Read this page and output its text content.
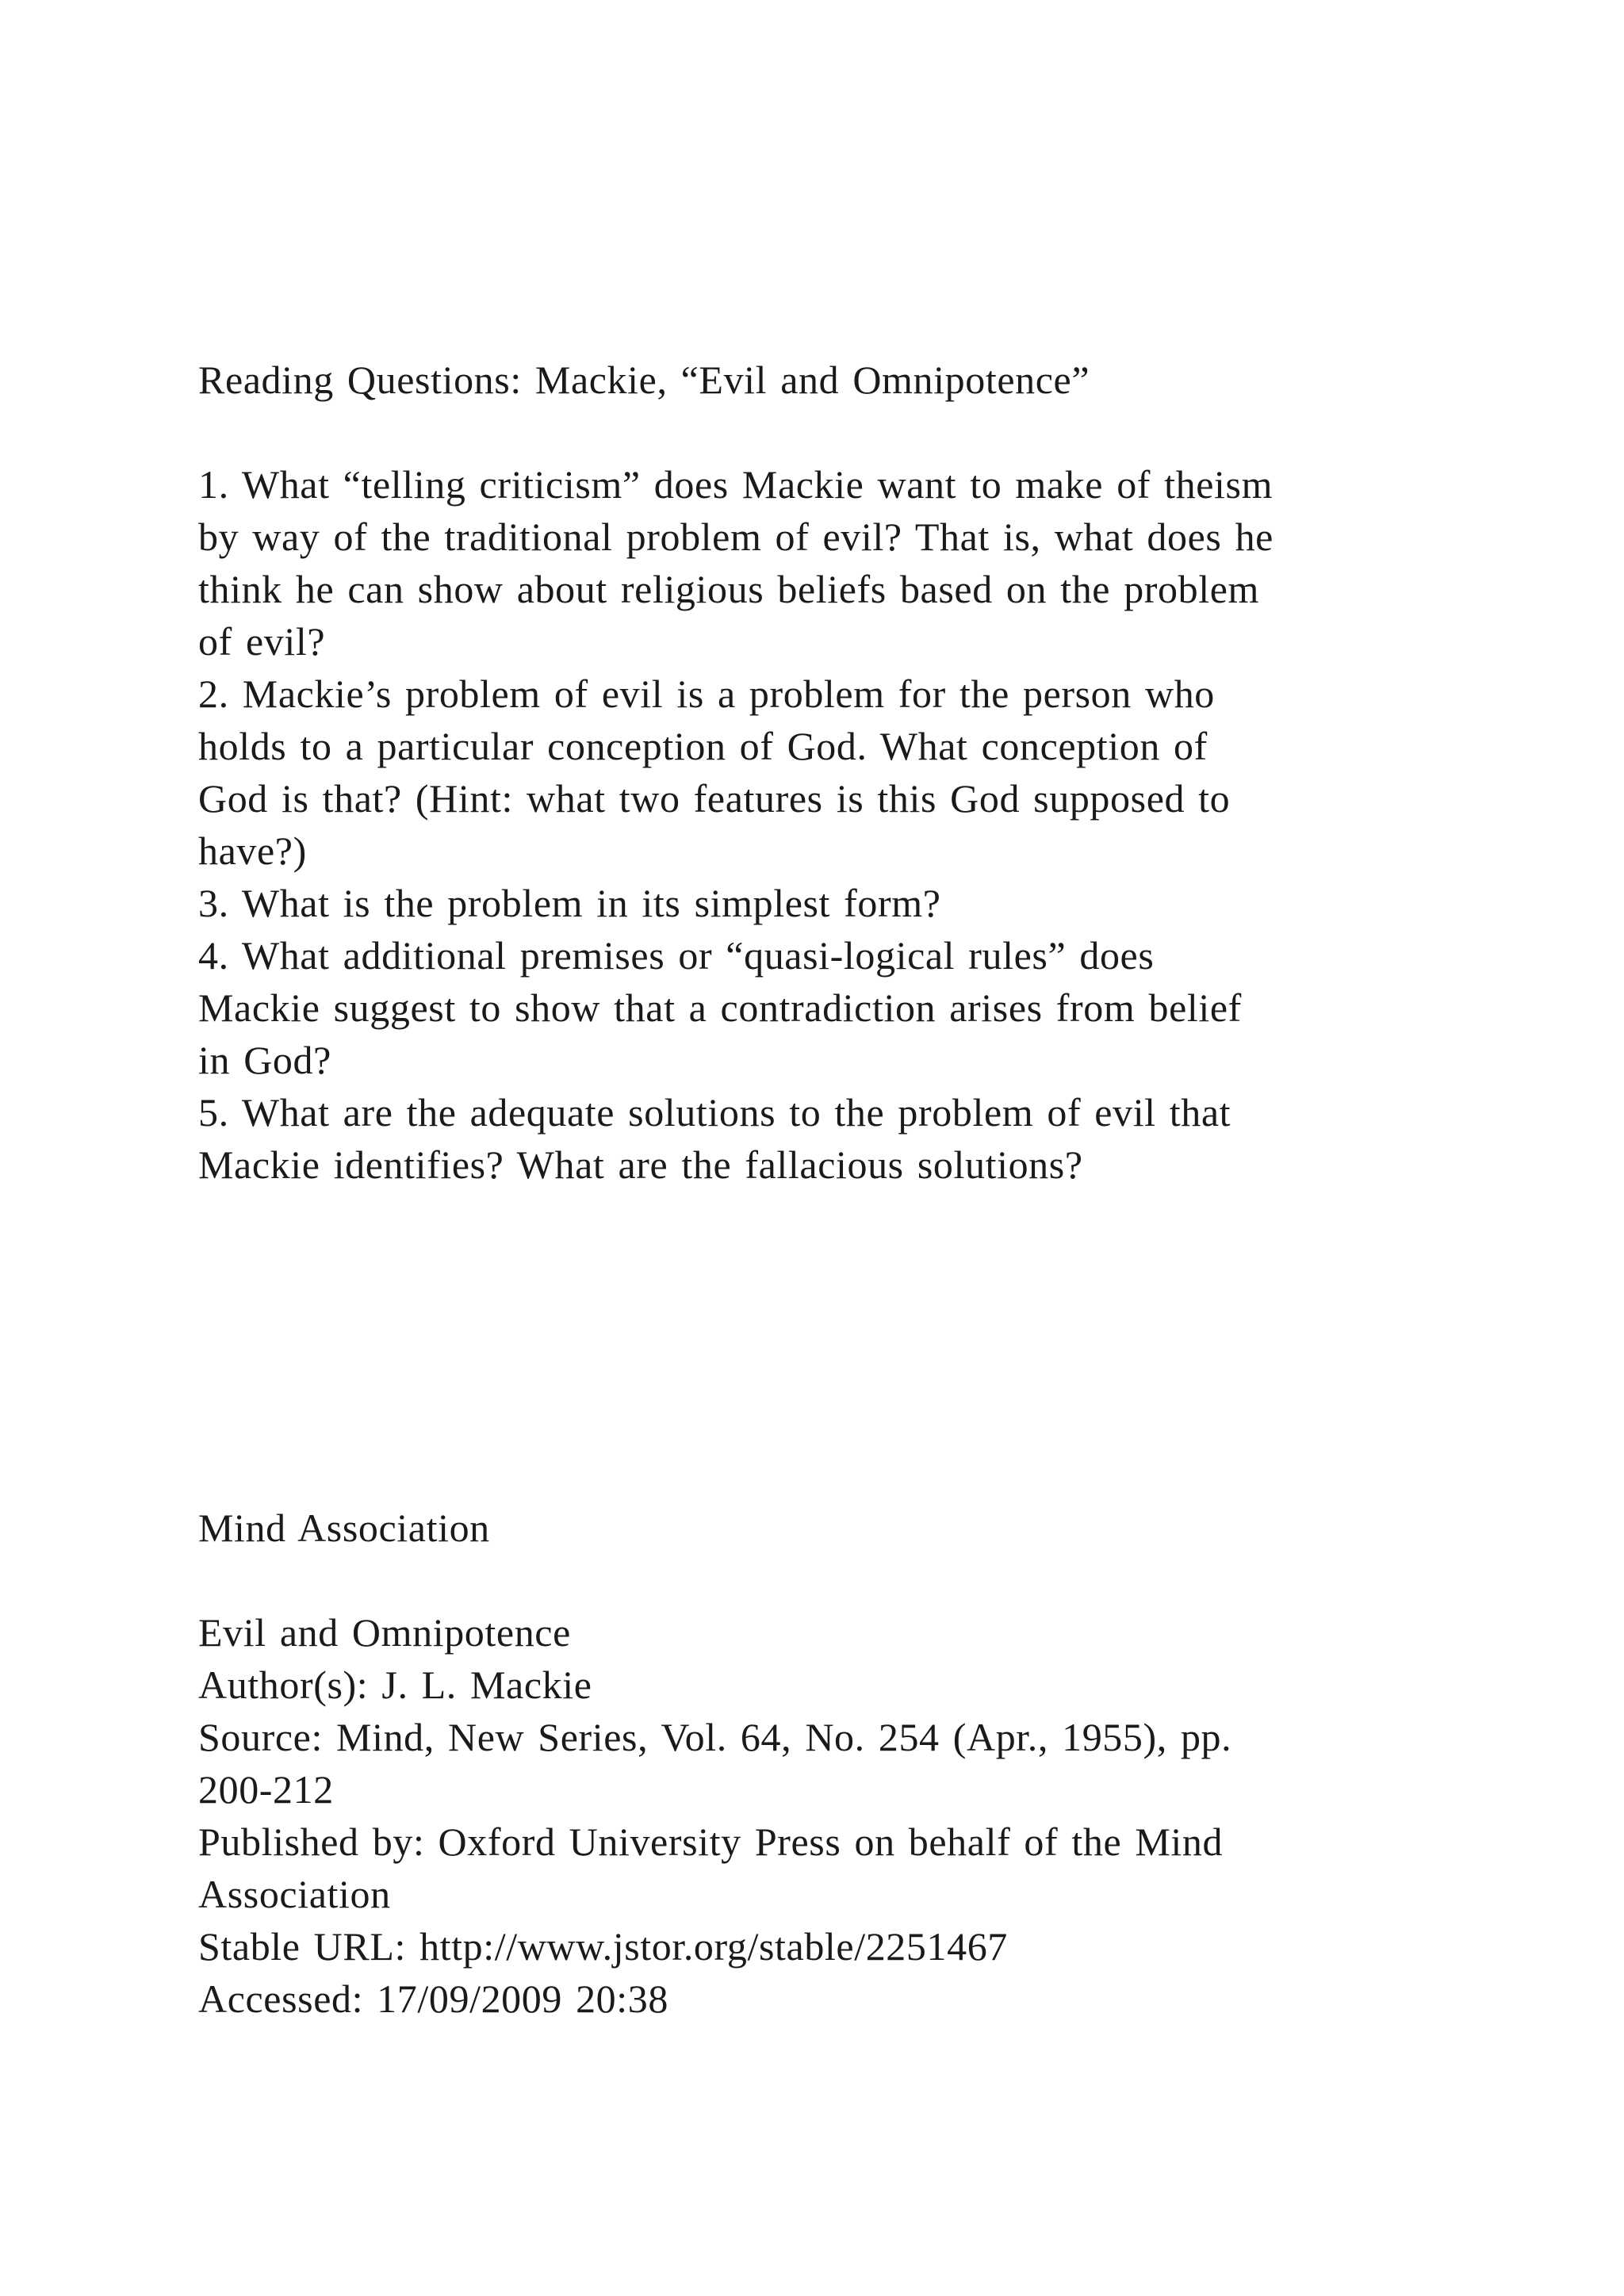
Reading Questions: Mackie, “Evil and Omnipotence”
1. What “telling criticism” does Mackie want to make of theism
by way of the traditional problem of evil? That is, what does he
think he can show about religious beliefs based on the problem
of evil?
2. Mackie’s problem of evil is a problem for the person who
holds to a particular conception of God. What conception of
God is that? (Hint: what two features is this God supposed to
have?)
3. What is the problem in its simplest form?
4. What additional premises or “quasi-logical rules” does
Mackie suggest to show that a contradiction arises from belief
in God?
5. What are the adequate solutions to the problem of evil that
Mackie identifies? What are the fallacious solutions?
Mind Association
Evil and Omnipotence
Author(s): J. L. Mackie
Source: Mind, New Series, Vol. 64, No. 254 (Apr., 1955), pp.
200-212
Published by: Oxford University Press on behalf of the Mind
Association
Stable URL: http://www.jstor.org/stable/2251467
Accessed: 17/09/2009 20:38
